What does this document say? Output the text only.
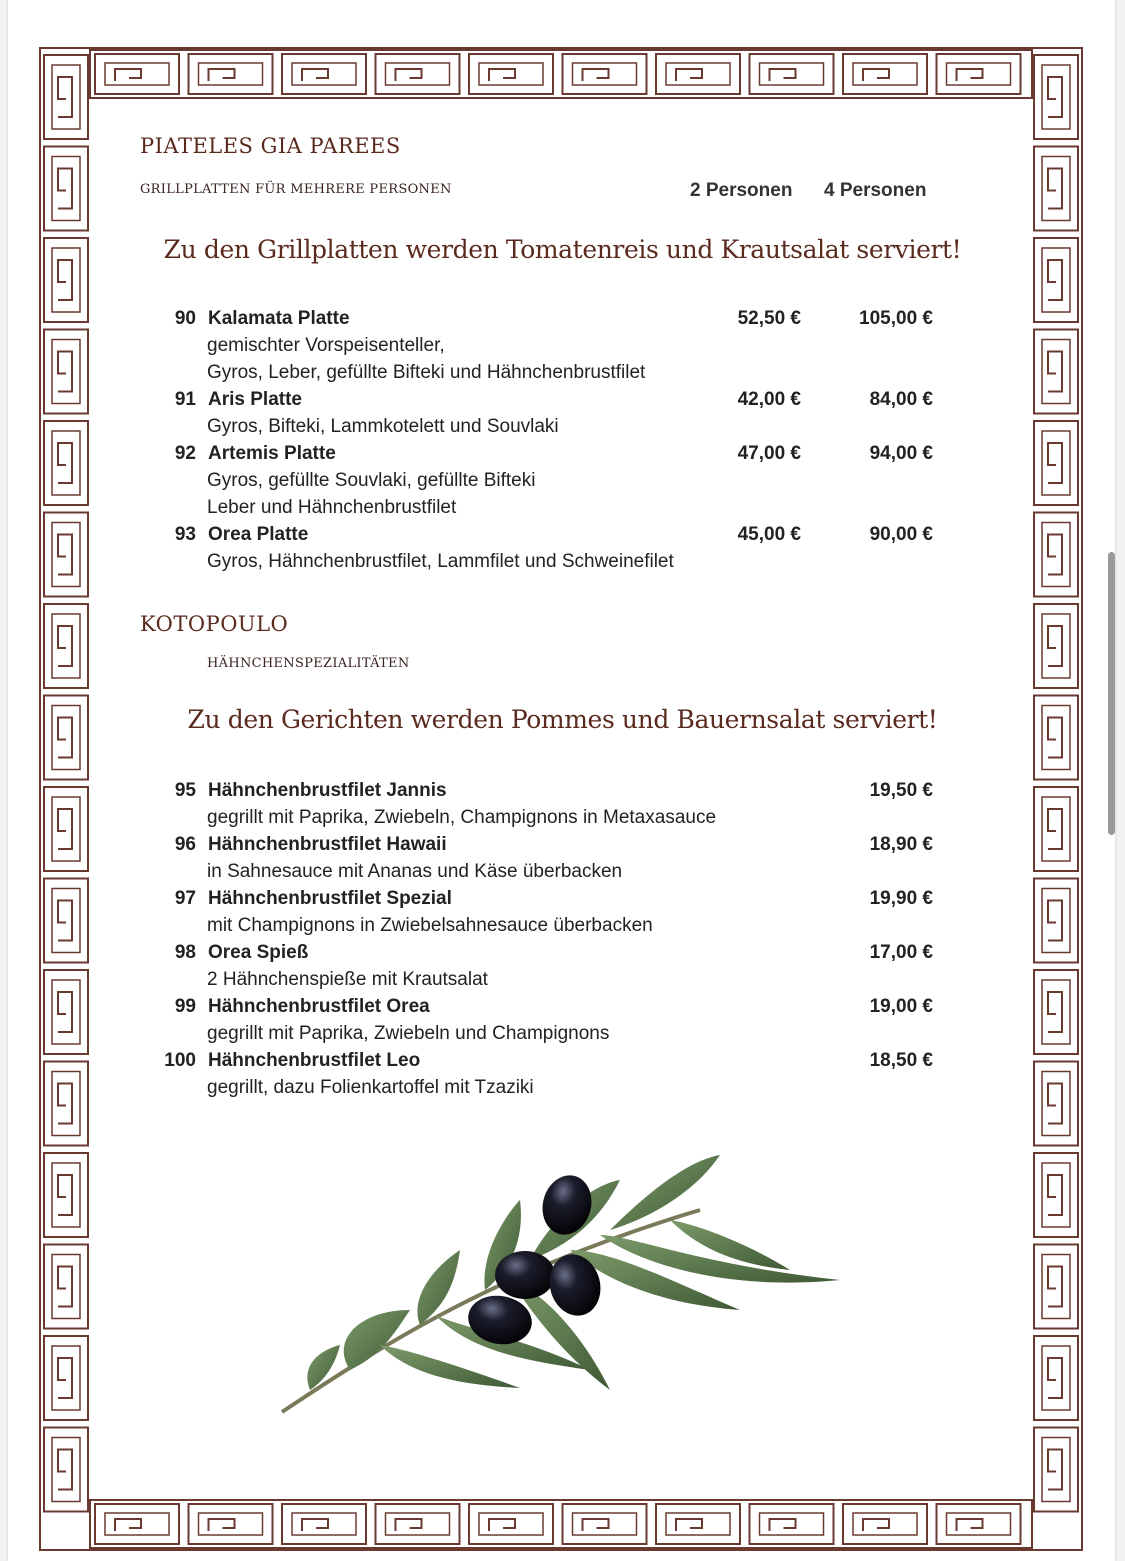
PIATELES GIA PAREES
GRILLPLATTEN FÜR MEHRERE PERSONEN	2 Personen 4 Personen
Zu den Grillplatten werden Tomatenreis und Krautsalat serviert!
90 Kalamata Platte	52,50 €	105,00 €
gemischter Vorspeisenteller,
Gyros, Leber, gefüllte Bifteki und Hähnchenbrustfilet
91 Aris Platte	42,00 €	84,00 €
Gyros, Bifteki, Lammkotelett und Souvlaki
92 Artemis Platte	47,00 €	94,00 €
Gyros, gefüllte Souvlaki, gefüllte Bifteki
Leber und Hähnchenbrustfilet
93 Orea Platte	45,00 €	90,00 €
Gyros, Hähnchenbrustfilet, Lammfilet und Schweinefilet
KOTOPOULO
HÄHNCHENSPEZIALITÄTEN
Zu den Gerichten werden Pommes und Bauernsalat serviert!
95 Hähnchenbrustfilet Jannis	19,50 €
gegrillt mit Paprika, Zwiebeln, Champignons in Metaxasauce
96 Hähnchenbrustfilet Hawaii	18,90 €
in Sahnesauce mit Ananas und Käse überbacken
97 Hähnchenbrustfilet Spezial	19,90 €
mit Champignons in Zwiebelsahnesauce überbacken
98 Orea Spieß	17,00 €
2 Hähnchenspieße mit Krautsalat
99 Hähnchenbrustfilet Orea	19,00 €
gegrillt mit Paprika, Zwiebeln und Champignons
100 Hähnchenbrustfilet Leo	18,50 €
gegrillt, dazu Folienkartoffel mit Tzaziki
